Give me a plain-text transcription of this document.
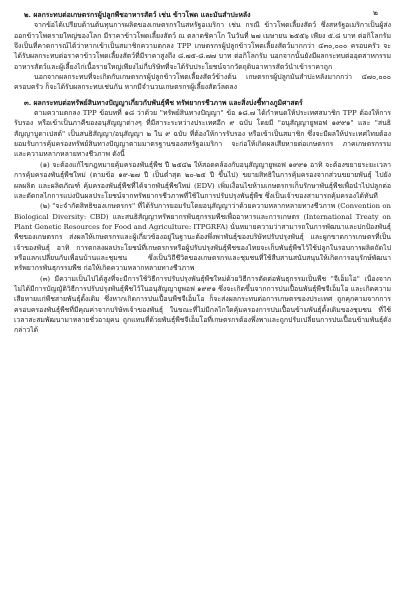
๒

๒. ผลกระทบต่อเกษตรกรผู้ปลูกพืชอาหารสัตว์ เช่น ข้าวโพด และมันสำปะหลัง

จากข้อได้เปรียบด้านต้นทุนการผลิตของเกษตรกรในสหรัฐอเมริกา เช่น กรณี ข้าวโพดเลี้ยงสัตว์ ซึ่งสหรัฐอเมริกาเป็นผู้ส่งออกข้าวโพดรายใหญ่ของโลก มีราคาข้าวโพดเลี้ยงสัตว์ ณ ตลาดชิคาโก ในวันที่ ๒๗ เมษายน ๒๕๕๖ เพียง ๕.๘ บาท ต่อกิโลกรัม จึงเป็นที่คาดการณ์ได้ว่าหากเข้าเป็นสมาชิกความตกลง TPP เกษตรกรผู้ปลูกข้าวโพดเลี้ยงสัตว์มากกว่า ๔๓๐,๐๐๐ ครอบครัว จะได้รับผลกระทบต่อราคาข้าวโพดเลี้ยงสัตว์ที่มีราคาสูงถึง ๘.๗๕-๘.๗๗ บาท ต่อกิโลกรัม นอกจากนั้นยังมีผลกระทบต่ออุตสาหกรรมอาหารสัตว์และผู้เลี้ยงไก่เนื้อรายใหญ่เพียงไม่กี่บริษัทที่จะได้รับประโยชน์จากวัตถุดิบอาหารสัตว์นำเข้าราคาถูก

นอกจากผลกระทบที่จะเกิดกับเกษตรกรผู้ปลูกข้าวโพดเลี้ยงสัตว์ข้างต้น เกษตรกรผู้ปลูกมันสำปะหลังมากกว่า ๔๗๐,๐๐๐ ครอบครัว ก็จะได้รับผลกระทบเช่นกัน หากมีจำนวนเกษตรกรผู้เลี้ยงสัตว์ลดลง

๓. ผลกระทบต่อทรัพย์สินทางปัญญาเกี่ยวกับพันธุ์พืช ทรัพยากรชีวภาพ และสิ่งบ่งชี้ทางภูมิศาสตร์

ตามความตกลง TPP ข้อบทที่ ๑๘ ว่าด้วย "ทรัพย์สินทางปัญญา" ข้อ ๑๘.๗ ได้กำหนดให้ประเทศสมาชิก TPP ต้องให้การรับรอง หรือเข้าเป็นภาคีของอนุสัญญาต่างๆ ที่มีสาระระหว่างประเทศอีก ๙ ฉบับ โดยมี "อนุสัญญายูพอฟ ๑๙๙๑" และ "สนธิสัญญาบูดาเปสต์" เป็นสนธิสัญญา/อนุสัญญา ๒ ใน ๙ ฉบับ ที่ต้องให้การรับรอง หรือเข้าเป็นสมาชิก ซึ่งจะมีผลให้ประเทศไทยต้องยอมรับการคุ้มครองทรัพย์สินทางปัญญาตามมาตรฐานของสหรัฐอเมริกา จะก่อให้เกิดผลเสียหายต่อเกษตรกร ภาคเกษตรกรรม และความหลากหลายทางชีวภาพ ดังนี้

(๑) จะต้องแก้ไขกฎหมายคุ้มครองพันธุ์พืช ปี ๒๕๔๒ ให้สอดคล้องกับอนุสัญญายูพอฟ ๑๙๙๑ อาทิ จะต้องขยายระยะเวลาการคุ้มครองพันธุ์พืชใหม่ (ตามข้อ ๑๙-๒๗ ปี เป็นต่ำสุด ๒๐-๒๕ ปี ขึ้นไป) ขยายสิทธิในการคุ้มครองจากส่วนขยายพันธุ์ ไปยังผลผลิต และผลิตภัณฑ์ คุ้มครองพันธุ์พืชที่ได้จากพันธุ์พืชใหม่ (EDV) เพิ่มเงื่อนไขห้ามเกษตรกรเก็บรักษาพันธุ์พืชเพื่อนำไปปลูกต่อ และตัดกลไกการแบ่งปันผลประโยชน์จากทรัพยากรชีวภาพที่ใช้ในการปรับปรุงพันธุ์พืช ซึ่งเป็นเจ้าของสามารถคุ้มครองได้ทันที

(๒) "จะจำกัดสิทธิของเกษตรกร" ที่ได้รับการยอมรับโดยอนุสัญญาว่าด้วยความหลากหลายทางชีวภาพ (Convention on Biological Diversity: CBD) และสนธิสัญญาทรัพยากรพันธุกรรมพืชเพื่ออาหารและการเกษตร (International Treaty on Plant Genetic Resources for Food and Agriculture: ITPGRFA) นั่นหมายความว่าสามารถในการพัฒนาและปกป้องพันธุ์พืชของเกษตรกร ส่งผลให้เกษตรกรและผู้เกี่ยวข้องอยู่ในฐานะต้องพึ่งพาพันธุ์ของบริษัทปรับปรุงพันธุ์ และผูกขาดการเกษตรที่เป็นเจ้าของพันธุ์ อาทิ การตกลงผลประโยชน์ที่เกษตรกรหรือผู้ปรับปรุงพันธุ์พืชของไทยจะเก็บพันธุ์พืชไว้ใช้ปลูกในรอบการผลิตถัดไป หรือแลกเปลี่ยนกับเพื่อนบ้านและชุมชน ซึ่งเป็นวิถีชีวิตของเกษตรกรและชุมชนที่ใช้สืบสานสนับสนุนให้เกิดการอนุรักษ์พัฒนาทรัพยากรพันธุกรรมพืช ก่อให้เกิดความหลากหลายทางชีวภาพ

(๓) มีความเป็นไปได้สูงที่จะมีการใช้วิธีการปรับปรุงพันธุ์พืชใหม่ด้วยวิธีการตัดต่อพันธุกรรมเป็นพืช "จีเอ็มโอ" เนื่องจากไม่ได้มีการบัญญัติวิธีการปรับปรุงพันธุ์พืชไว้ในอนุสัญญายูพอฟ ๑๙๙๑ ซึ่งจะเกิดขึ้นจากการปนเปื้อนพันธุ์พืชจีเอ็มโอ และเกิดความเสียหายแก่พืชสายพันธุ์ดั้งเดิม ซึ่งหากเกิดการปนเปื้อนพืชจีเอ็มโอ ก็จะส่งผลกระทบต่อการเกษตรของประเทศ ถูกคุกคามจากการครอบครองพันธุ์พืชที่มีคุณค่าจากบริษัทเจ้าของพันธุ์ ในขณะที่ไม่มีกลไกใดคุ้มครองการปนเปื้อนข้ามพันธุ์ดั้งเดิมของชุมชน ที่ใช้เวลาสะสมพัฒนามาหลายชั่วอายุคน ถูกแทนที่ด้วยพันธุ์พืชจีเอ็มโอที่เกษตรกรต้องพึ่งพาและถูกปรับเปลี่ยนการปนเปื้อนข้ามพันธุ์ดังกล่าวได้
